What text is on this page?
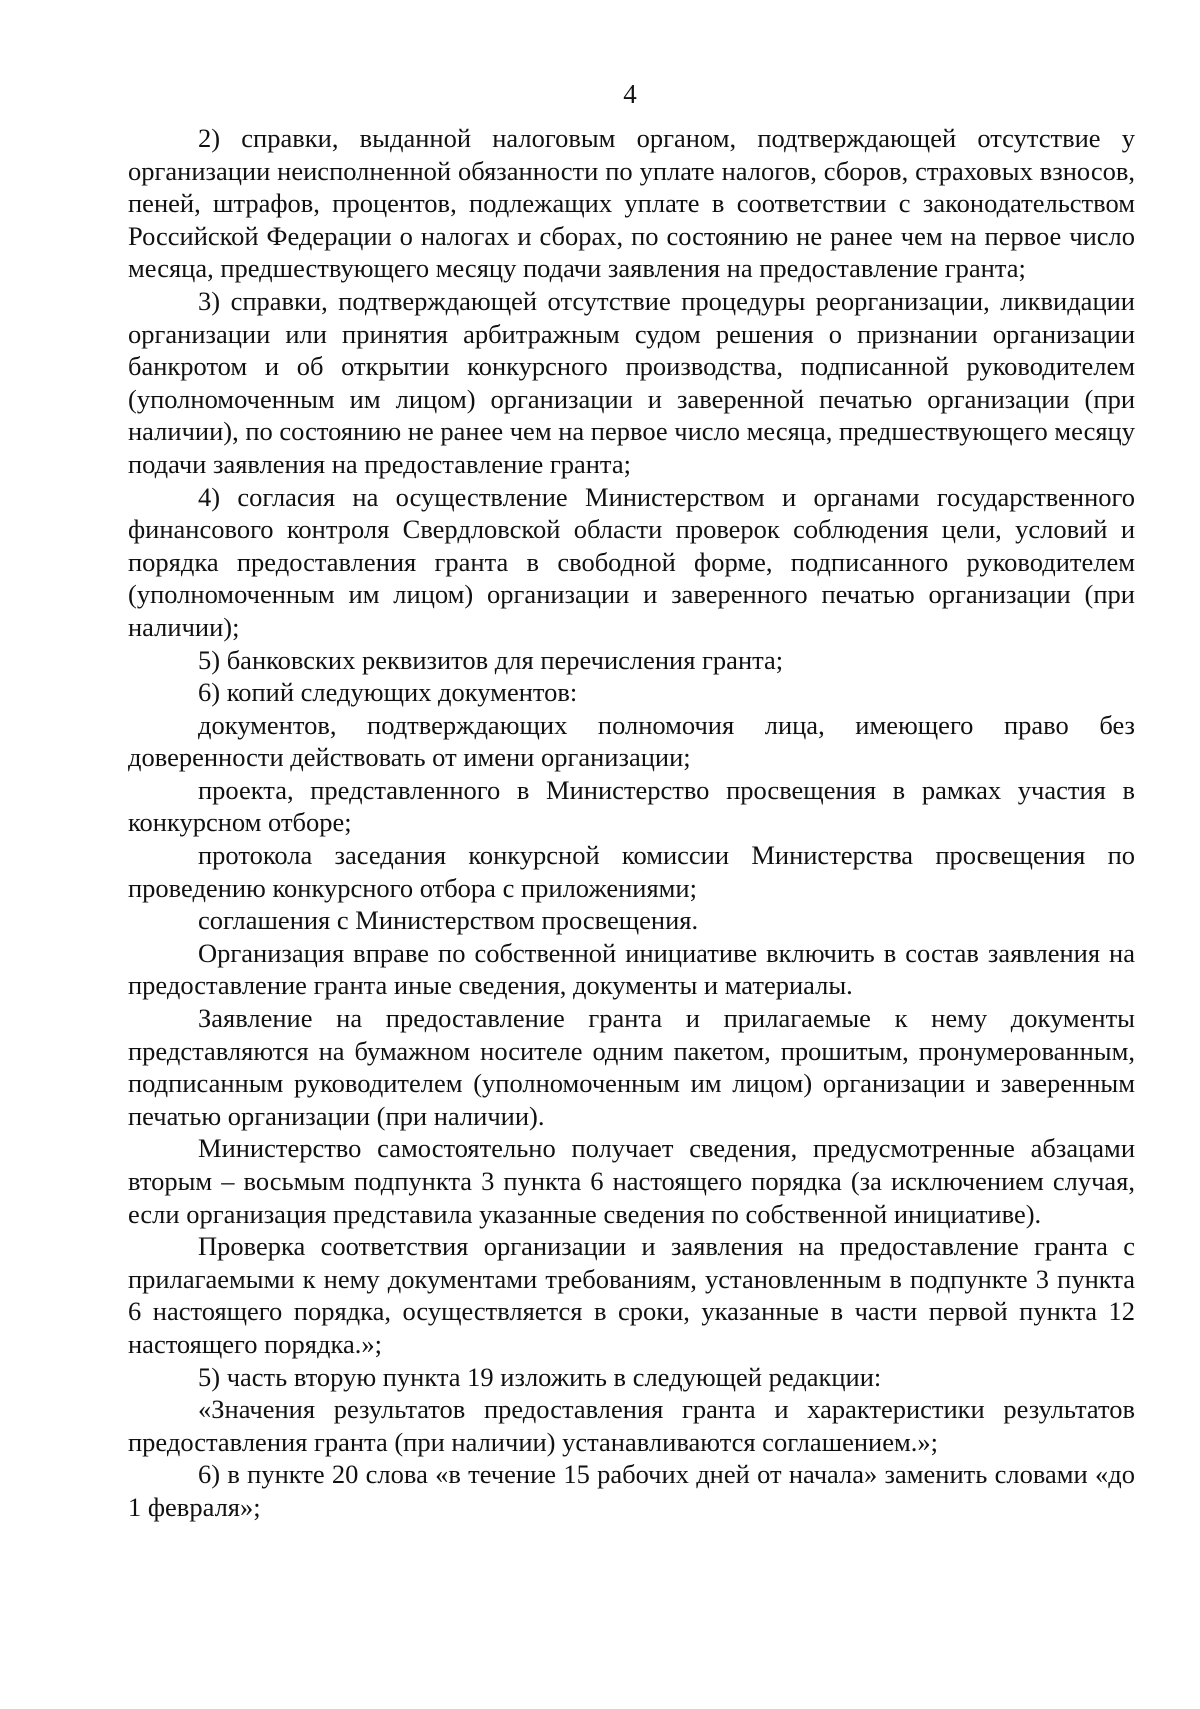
4

2) справки, выданной налоговым органом, подтверждающей отсутствие у организации неисполненной обязанности по уплате налогов, сборов, страховых взносов, пеней, штрафов, процентов, подлежащих уплате в соответствии с законодательством Российской Федерации о налогах и сборах, по состоянию не ранее чем на первое число месяца, предшествующего месяцу подачи заявления на предоставление гранта;

3) справки, подтверждающей отсутствие процедуры реорганизации, ликвидации организации или принятия арбитражным судом решения о признании организации банкротом и об открытии конкурсного производства, подписанной руководителем (уполномоченным им лицом) организации и заверенной печатью организации (при наличии), по состоянию не ранее чем на первое число месяца, предшествующего месяцу подачи заявления на предоставление гранта;

4) согласия на осуществление Министерством и органами государственного финансового контроля Свердловской области проверок соблюдения цели, условий и порядка предоставления гранта в свободной форме, подписанного руководителем (уполномоченным им лицом) организации и заверенного печатью организации (при наличии);

5) банковских реквизитов для перечисления гранта;

6) копий следующих документов:

документов, подтверждающих полномочия лица, имеющего право без доверенности действовать от имени организации;

проекта, представленного в Министерство просвещения в рамках участия в конкурсном отборе;

протокола заседания конкурсной комиссии Министерства просвещения по проведению конкурсного отбора с приложениями;

соглашения с Министерством просвещения.

Организация вправе по собственной инициативе включить в состав заявления на предоставление гранта иные сведения, документы и материалы.

Заявление на предоставление гранта и прилагаемые к нему документы представляются на бумажном носителе одним пакетом, прошитым, пронумерованным, подписанным руководителем (уполномоченным им лицом) организации и заверенным печатью организации (при наличии).

Министерство самостоятельно получает сведения, предусмотренные абзацами вторым – восьмым подпункта 3 пункта 6 настоящего порядка (за исключением случая, если организация представила указанные сведения по собственной инициативе).

Проверка соответствия организации и заявления на предоставление гранта с прилагаемыми к нему документами требованиям, установленным в подпункте 3 пункта 6 настоящего порядка, осуществляется в сроки, указанные в части первой пункта 12 настоящего порядка.»;

5) часть вторую пункта 19 изложить в следующей редакции:

«Значения результатов предоставления гранта и характеристики результатов предоставления гранта (при наличии) устанавливаются соглашением.»;

6) в пункте 20 слова «в течение 15 рабочих дней от начала» заменить словами «до 1 февраля»;
